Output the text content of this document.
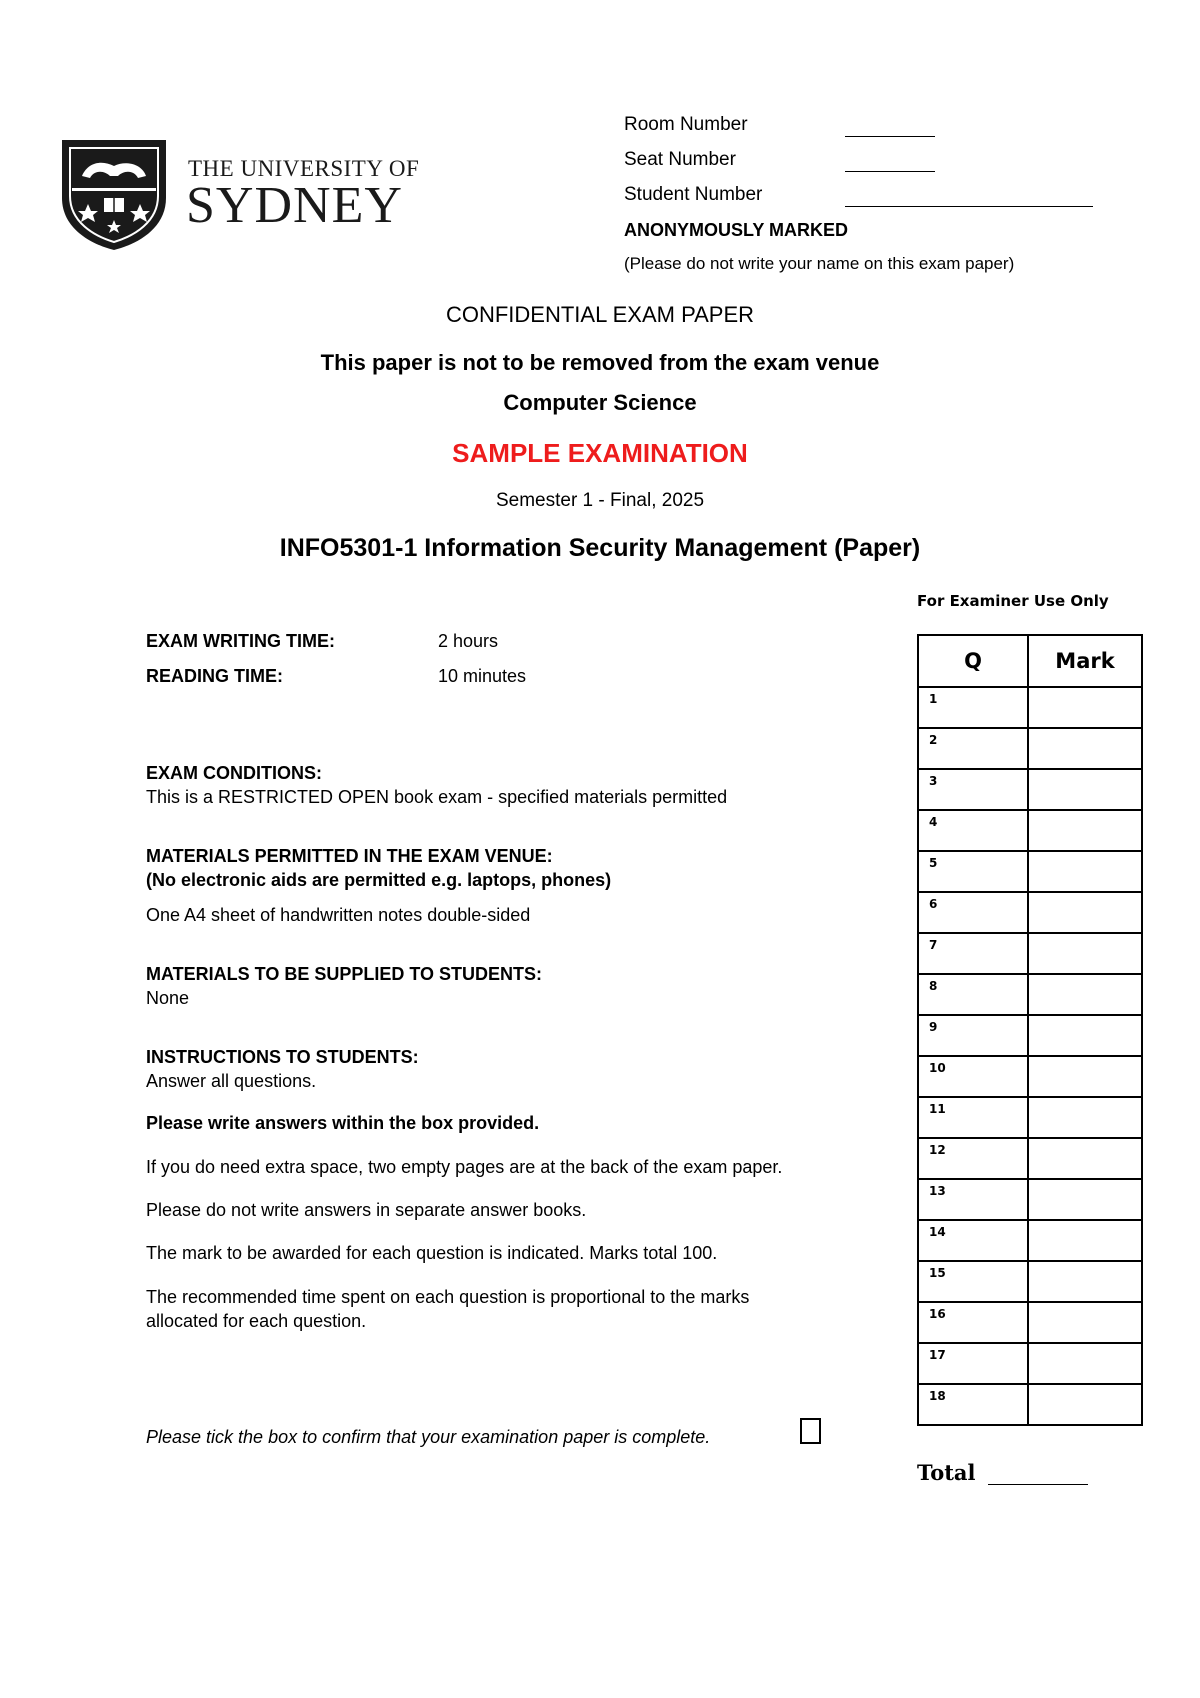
THE UNIVERSITY OF
SYDNEY
Room Number
Seat Number
Student Number
ANONYMOUSLY MARKED
(Please do not write your name on this exam paper)
CONFIDENTIAL EXAM PAPER
This paper is not to be removed from the exam venue
Computer Science
SAMPLE EXAMINATION
Semester 1 - Final, 2025
INFO5301-1 Information Security Management (Paper)
EXAM WRITING TIME:	2 hours
READING TIME:	10 minutes
EXAM CONDITIONS:
This is a RESTRICTED OPEN book exam - specified materials permitted
MATERIALS PERMITTED IN THE EXAM VENUE:
(No electronic aids are permitted e.g. laptops, phones)
One A4 sheet of handwritten notes double-sided
MATERIALS TO BE SUPPLIED TO STUDENTS:
None
INSTRUCTIONS TO STUDENTS:
Answer all questions.
Please write answers within the box provided.
If you do need extra space, two empty pages are at the back of the exam paper.
Please do not write answers in separate answer books.
The mark to be awarded for each question is indicated. Marks total 100.
The recommended time spent on each question is proportional to the marks
allocated for each question.
Please tick the box to confirm that your examination paper is complete.
For Examiner Use Only
Q	Mark
1	
2	
3	
4	
5	
6	
7	
8	
9	
10	
11	
12	
13	
14	
15	
16	
17	
18	
Total
